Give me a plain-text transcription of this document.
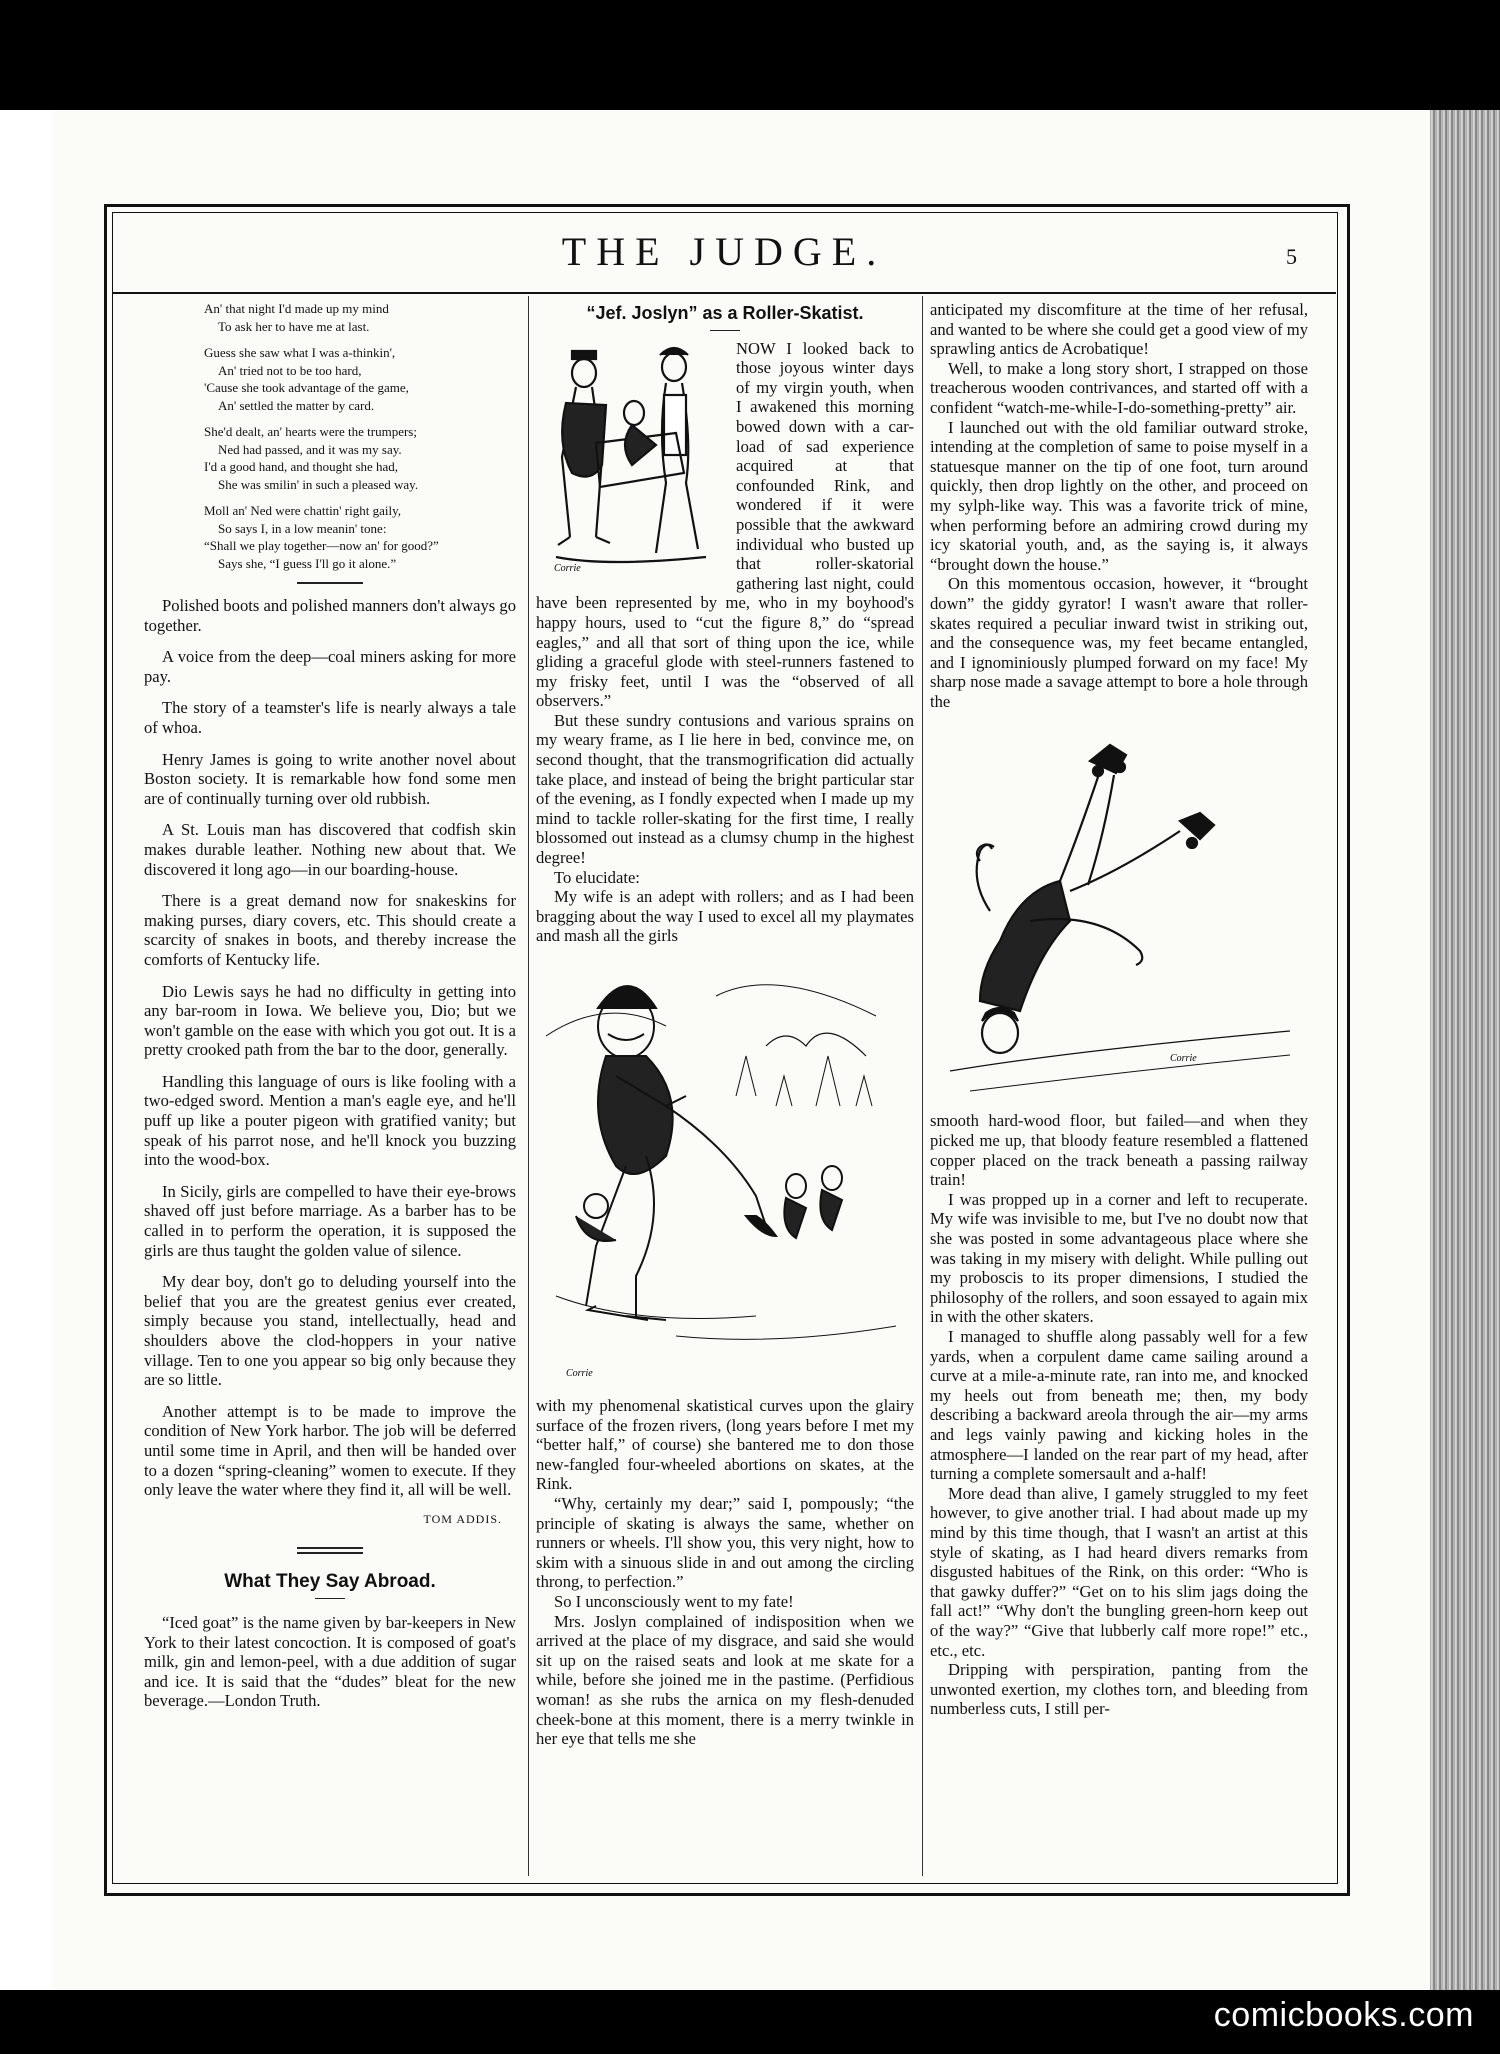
comicbooks.com
THE JUDGE.	5
An' that night I'd made up my mind
To ask her to have me at last.
Guess she saw what I was a-thinkin',
An' tried not to be too hard,
'Cause she took advantage of the game,
An' settled the matter by card.
She'd dealt, an' hearts were the trumpers;
Ned had passed, and it was my say.
I'd a good hand, and thought she had,
She was smilin' in such a pleased way.
Moll an' Ned were chattin' right gaily,
So says I, in a low meanin' tone:
“Shall we play together—now an' for good?”
Says she, “I guess I'll go it alone.”

Polished boots and polished manners don't always go together.

A voice from the deep—coal miners asking for more pay.

The story of a teamster's life is nearly always a tale of whoa.

Henry James is going to write another novel about Boston society. It is remarkable how fond some men are of continually turning over old rubbish.

A St. Louis man has discovered that codfish skin makes durable leather. Nothing new about that. We discovered it long ago—in our boarding-house.

There is a great demand now for snakeskins for making purses, diary covers, etc. This should create a scarcity of snakes in boots, and thereby increase the comforts of Kentucky life.

Dio Lewis says he had no difficulty in getting into any bar-room in Iowa. We believe you, Dio; but we won't gamble on the ease with which you got out. It is a pretty crooked path from the bar to the door, generally.

Handling this language of ours is like fooling with a two-edged sword. Mention a man's eagle eye, and he'll puff up like a pouter pigeon with gratified vanity; but speak of his parrot nose, and he'll knock you buzzing into the wood-box.

In Sicily, girls are compelled to have their eye-brows shaved off just before marriage. As a barber has to be called in to perform the operation, it is supposed the girls are thus taught the golden value of silence.

My dear boy, don't go to deluding yourself into the belief that you are the greatest genius ever created, simply because you stand, intellectually, head and shoulders above the clod-hoppers in your native village. Ten to one you appear so big only because they are so little.

Another attempt is to be made to improve the condition of New York harbor. The job will be deferred until some time in April, and then will be handed over to a dozen “spring-cleaning” women to execute. If they only leave the water where they find it, all will be well.

TOM ADDIS.
What They Say Abroad.

“Iced goat” is the name given by bar-keepers in New York to their latest concoction. It is composed of goat's milk, gin and lemon-peel, with a due addition of sugar and ice. It is said that the “dudes” bleat for the new beverage.—London Truth.

“Jef. Joslyn” as a Roller-Skatist.
Corrie

NOW I looked back to those joyous winter days of my virgin youth, when I awakened this morning bowed down with a car-load of sad experience acquired at that confounded Rink, and wondered if it were possible that the awkward individual who busted up that roller-skatorial gathering last night, could have been represented by me, who in my boyhood's happy hours, used to “cut the figure 8,” do “spread eagles,” and all that sort of thing upon the ice, while gliding a graceful glode with steel-runners fastened to my frisky feet, until I was the “observed of all observers.”

But these sundry contusions and various sprains on my weary frame, as I lie here in bed, convince me, on second thought, that the transmogrification did actually take place, and instead of being the bright particular star of the evening, as I fondly expected when I made up my mind to tackle roller-skating for the first time, I really blossomed out instead as a clumsy chump in the highest degree!

To elucidate:

My wife is an adept with rollers; and as I had been bragging about the way I used to excel all my playmates and mash all the girls

Corrie

with my phenomenal skatistical curves upon the glairy surface of the frozen rivers, (long years before I met my “better half,” of course) she bantered me to don those new-fangled four-wheeled abortions on skates, at the Rink.

“Why, certainly my dear;” said I, pompously; “the principle of skating is always the same, whether on runners or wheels. I'll show you, this very night, how to skim with a sinuous slide in and out among the circling throng, to perfection.”

So I unconsciously went to my fate!

Mrs. Joslyn complained of indisposition when we arrived at the place of my disgrace, and said she would sit up on the raised seats and look at me skate for a while, before she joined me in the pastime. (Perfidious woman! as she rubs the arnica on my flesh-denuded cheek-bone at this moment, there is a merry twinkle in her eye that tells me she

anticipated my discomfiture at the time of her refusal, and wanted to be where she could get a good view of my sprawling antics de Acrobatique!

Well, to make a long story short, I strapped on those treacherous wooden contrivances, and started off with a confident “watch-me-while-I-do-something-pretty” air.

I launched out with the old familiar outward stroke, intending at the completion of same to poise myself in a statuesque manner on the tip of one foot, turn around quickly, then drop lightly on the other, and proceed on my sylph-like way. This was a favorite trick of mine, when performing before an admiring crowd during my icy skatorial youth, and, as the saying is, it always “brought down the house.”

On this momentous occasion, however, it “brought down” the giddy gyrator! I wasn't aware that roller-skates required a peculiar inward twist in striking out, and the consequence was, my feet became entangled, and I ignominiously plumped forward on my face! My sharp nose made a savage attempt to bore a hole through the

Corrie

smooth hard-wood floor, but failed—and when they picked me up, that bloody feature resembled a flattened copper placed on the track beneath a passing railway train!

I was propped up in a corner and left to recuperate. My wife was invisible to me, but I've no doubt now that she was posted in some advantageous place where she was taking in my misery with delight. While pulling out my proboscis to its proper dimensions, I studied the philosophy of the rollers, and soon essayed to again mix in with the other skaters.

I managed to shuffle along passably well for a few yards, when a corpulent dame came sailing around a curve at a mile-a-minute rate, ran into me, and knocked my heels out from beneath me; then, my body describing a backward areola through the air—my arms and legs vainly pawing and kicking holes in the atmosphere—I landed on the rear part of my head, after turning a complete somersault and a-half!

More dead than alive, I gamely struggled to my feet however, to give another trial. I had about made up my mind by this time though, that I wasn't an artist at this style of skating, as I had heard divers remarks from disgusted habitues of the Rink, on this order: “Who is that gawky duffer?” “Get on to his slim jags doing the fall act!” “Why don't the bungling green-horn keep out of the way?” “Give that lubberly calf more rope!” etc., etc., etc.

Dripping with perspiration, panting from the unwonted exertion, my clothes torn, and bleeding from numberless cuts, I still per-
